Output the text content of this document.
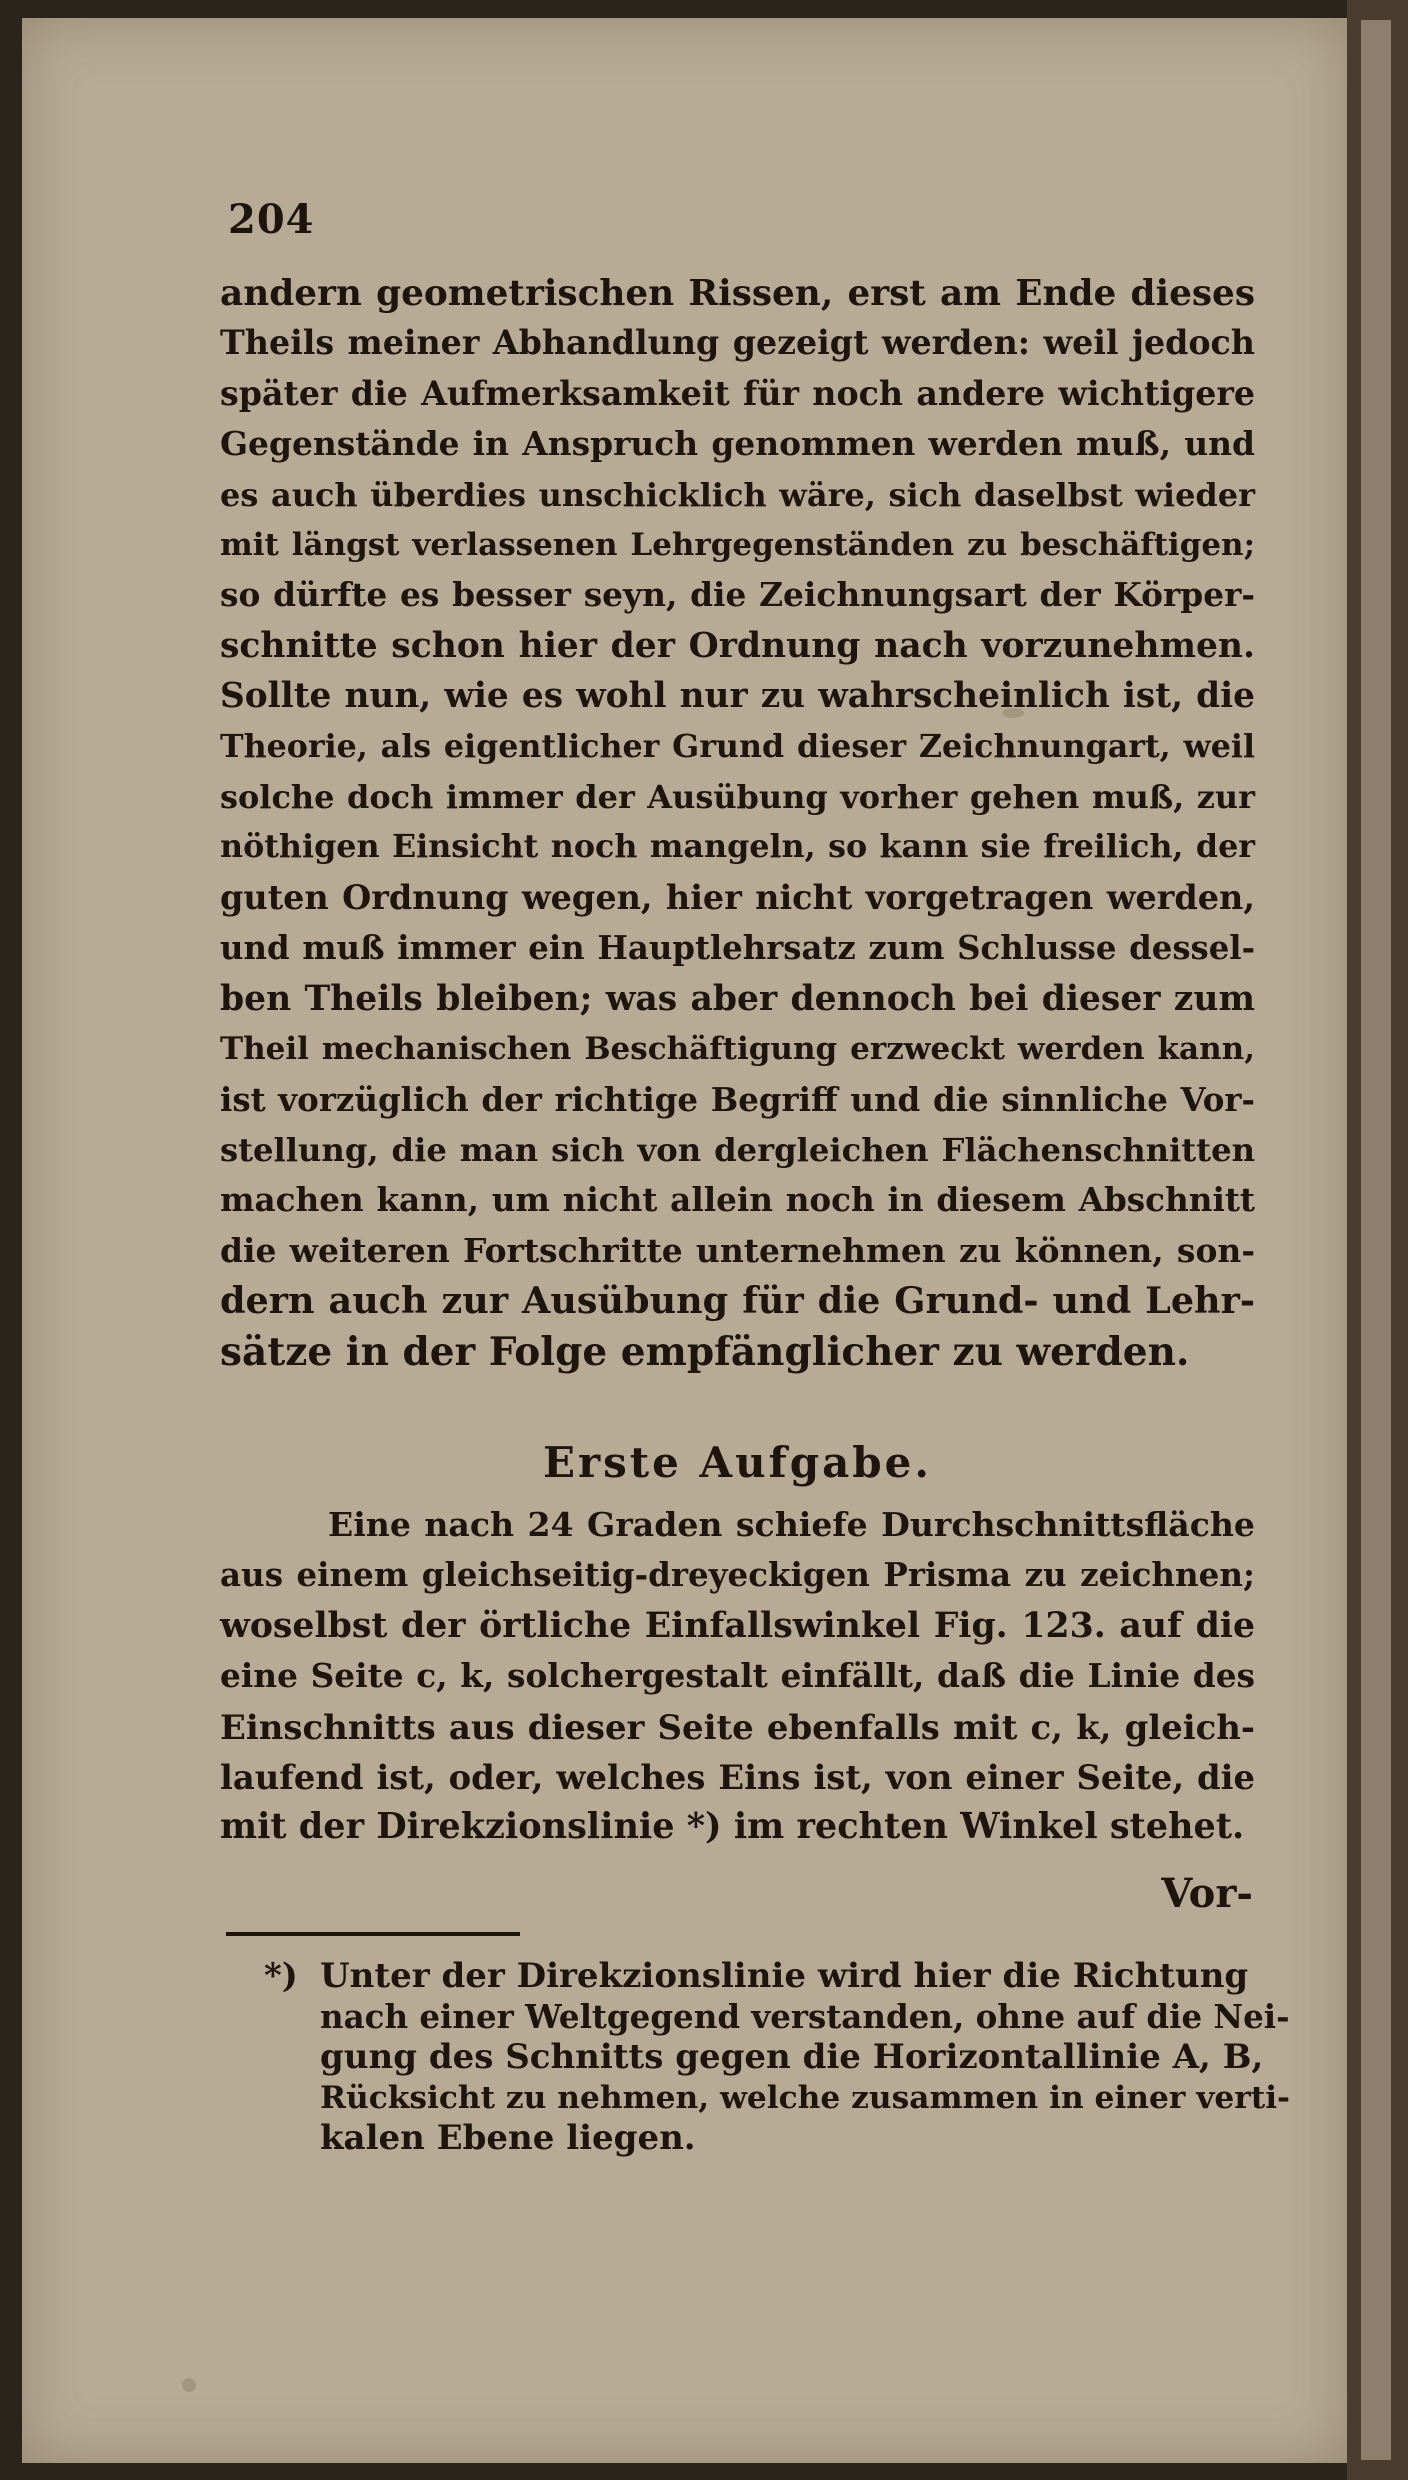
204
andern geometrischen Rissen, erst am Ende dieses
Theils meiner Abhandlung gezeigt werden: weil jedoch
später die Aufmerksamkeit für noch andere wichtigere
Gegenstände in Anspruch genommen werden muß, und
es auch überdies unschicklich wäre, sich daselbst wieder
mit längst verlassenen Lehrgegenständen zu beschäftigen;
so dürfte es besser seyn, die Zeichnungsart der Körper-
schnitte schon hier der Ordnung nach vorzunehmen.
Sollte nun, wie es wohl nur zu wahrscheinlich ist, die
Theorie, als eigentlicher Grund dieser Zeichnungart, weil
solche doch immer der Ausübung vorher gehen muß, zur
nöthigen Einsicht noch mangeln, so kann sie freilich, der
guten Ordnung wegen, hier nicht vorgetragen werden,
und muß immer ein Hauptlehrsatz zum Schlusse dessel-
ben Theils bleiben; was aber dennoch bei dieser zum
Theil mechanischen Beschäftigung erzweckt werden kann,
ist vorzüglich der richtige Begriff und die sinnliche Vor-
stellung, die man sich von dergleichen Flächenschnitten
machen kann, um nicht allein noch in diesem Abschnitt
die weiteren Fortschritte unternehmen zu können, son-
dern auch zur Ausübung für die Grund- und Lehr-
sätze in der Folge empfänglicher zu werden.
Erste Aufgabe.
Eine nach 24 Graden schiefe Durchschnittsfläche
aus einem gleichseitig-dreyeckigen Prisma zu zeichnen;
woselbst der örtliche Einfallswinkel Fig. 123. auf die
eine Seite c, k, solchergestalt einfällt, daß die Linie des
Einschnitts aus dieser Seite ebenfalls mit c, k, gleich-
laufend ist, oder, welches Eins ist, von einer Seite, die
mit der Direkzionslinie *) im rechten Winkel stehet.
Vor-
*) Unter der Direkzionslinie wird hier die Richtung
nach einer Weltgegend verstanden, ohne auf die Nei-
gung des Schnitts gegen die Horizontallinie A, B,
Rücksicht zu nehmen, welche zusammen in einer verti-
kalen Ebene liegen.
